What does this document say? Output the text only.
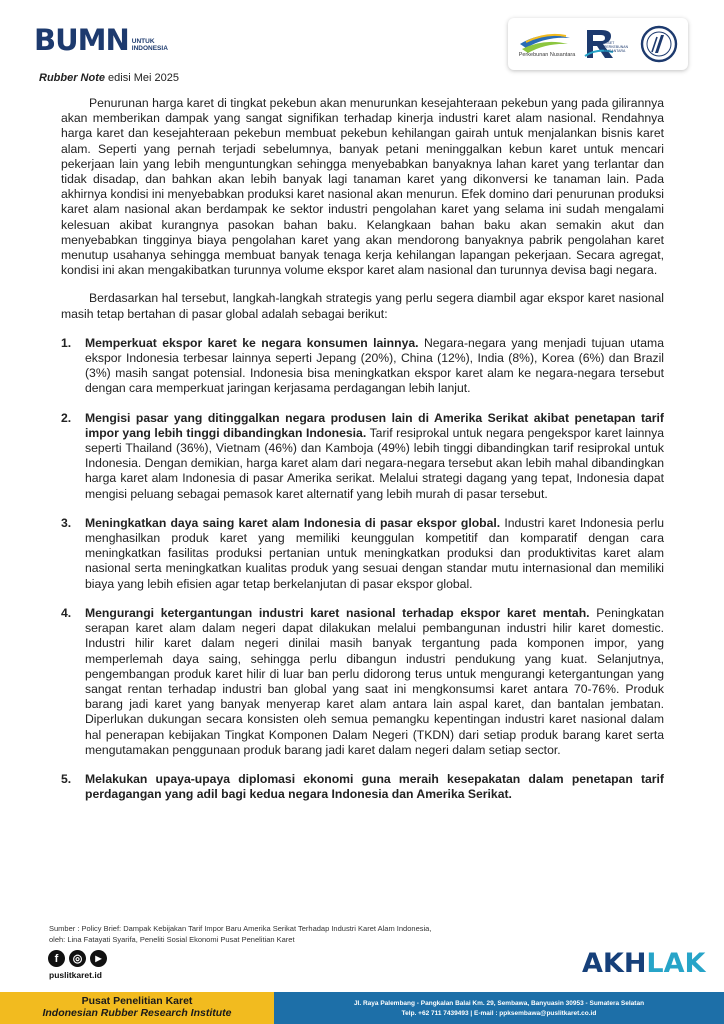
BUMN UNTUK
INDONESIA
Perkebunan Nusantara
RISET
PERKEBUNAN
NUSANTARA
Rubber Note edisi Mei 2025

Penurunan harga karet di tingkat pekebun akan menurunkan kesejahteraan pekebun yang pada gilirannya akan memberikan dampak yang sangat signifikan terhadap kinerja industri karet alam nasional. Rendahnya harga karet dan kesejahteraan pekebun membuat pekebun kehilangan gairah untuk menjalankan bisnis karet alam. Seperti yang pernah terjadi sebelumnya, banyak petani meninggalkan kebun karet untuk mencari pekerjaan lain yang lebih menguntungkan sehingga menyebabkan banyaknya lahan karet yang terlantar dan tidak disadap, dan bahkan akan lebih banyak lagi tanaman karet yang dikonversi ke tanaman lain. Pada akhirnya kondisi ini menyebabkan produksi karet nasional akan menurun. Efek domino dari penurunan produksi karet alam nasional akan berdampak ke sektor industri pengolahan karet yang selama ini sudah mengalami kelesuan akibat kurangnya pasokan bahan baku. Kelangkaan bahan baku akan semakin akut dan menyebabkan tingginya biaya pengolahan karet yang akan mendorong banyaknya pabrik pengolahan karet menutup usahanya sehingga membuat banyak tenaga kerja kehilangan lapangan pekerjaan. Secara agregat, kondisi ini akan mengakibatkan turunnya volume ekspor karet alam nasional dan turunnya devisa bagi negara.

Berdasarkan hal tersebut, langkah-langkah strategis yang perlu segera diambil agar ekspor karet nasional masih tetap bertahan di pasar global adalah sebagai berikut:

1. Memperkuat ekspor karet ke negara konsumen lainnya. Negara-negara yang menjadi tujuan utama ekspor Indonesia terbesar lainnya seperti Jepang (20%), China (12%), India (8%), Korea (6%) dan Brazil (3%) masih sangat potensial. Indonesia bisa meningkatkan ekspor karet alam ke negara-negara tersebut dengan cara memperkuat jaringan kerjasama perdagangan lebih lanjut.
2. Mengisi pasar yang ditinggalkan negara produsen lain di Amerika Serikat akibat penetapan tarif impor yang lebih tinggi dibandingkan Indonesia. Tarif resiprokal untuk negara pengekspor karet lainnya seperti Thailand (36%), Vietnam (46%) dan Kamboja (49%) lebih tinggi dibandingkan tarif resiprokal untuk Indonesia. Dengan demikian, harga karet alam dari negara-negara tersebut akan lebih mahal dibandingkan harga karet alam Indonesia di pasar Amerika serikat. Melalui strategi dagang yang tepat, Indonesia dapat mengisi peluang sebagai pemasok karet alternatif yang lebih murah di pasar tersebut.
3. Meningkatkan daya saing karet alam Indonesia di pasar ekspor global. Industri karet Indonesia perlu menghasilkan produk karet yang memiliki keunggulan kompetitif dan komparatif dengan cara meningkatkan fasilitas produksi pertanian untuk meningkatkan produksi dan produktivitas karet alam nasional serta meningkatkan kualitas produk yang sesuai dengan standar mutu internasional dan memiliki biaya yang lebih efisien agar tetap berkelanjutan di pasar ekspor global.
4. Mengurangi ketergantungan industri karet nasional terhadap ekspor karet mentah. Peningkatan serapan karet alam dalam negeri dapat dilakukan melalui pembangunan industri hilir karet domestic. Industri hilir karet dalam negeri dinilai masih banyak tergantung pada komponen impor, yang memperlemah daya saing, sehingga perlu dibangun industri pendukung yang kuat. Selanjutnya, pengembangan produk karet hilir di luar ban perlu didorong terus untuk mengurangi ketergantungan yang sangat rentan terhadap industri ban global yang saat ini mengkonsumsi karet antara 70-76%. Produk barang jadi karet yang banyak menyerap karet alam antara lain aspal karet, dan bantalan jembatan. Diperlukan dukungan secara konsisten oleh semua pemangku kepentingan industri karet nasional dalam hal penerapan kebijakan Tingkat Komponen Dalam Negeri (TKDN) dari setiap produk barang karet serta mengutamakan penggunaan produk barang jadi karet dalam negeri dalam setiap sector.
5. Melakukan upaya-upaya diplomasi ekonomi guna meraih kesepakatan dalam penetapan tarif perdagangan yang adil bagi kedua negara Indonesia dan Amerika Serikat.
Sumber : Policy Brief: Dampak Kebijakan Tarif Impor Baru Amerika Serikat Terhadap Industri Karet Alam Indonesia,
oleh: Lina Fatayati Syarifa, Peneliti Sosial Ekonomi Pusat Penelitian Karet
f	◎	▶
puslitkaret.id	AKHLAK
Pusat Penelitian Karet
Indonesian Rubber Research Institute
Jl. Raya Palembang - Pangkalan Balai Km. 29, Sembawa, Banyuasin 30953 - Sumatera Selatan
Telp. +62 711 7439493 | E-mail : ppksembawa@puslitkaret.co.id
